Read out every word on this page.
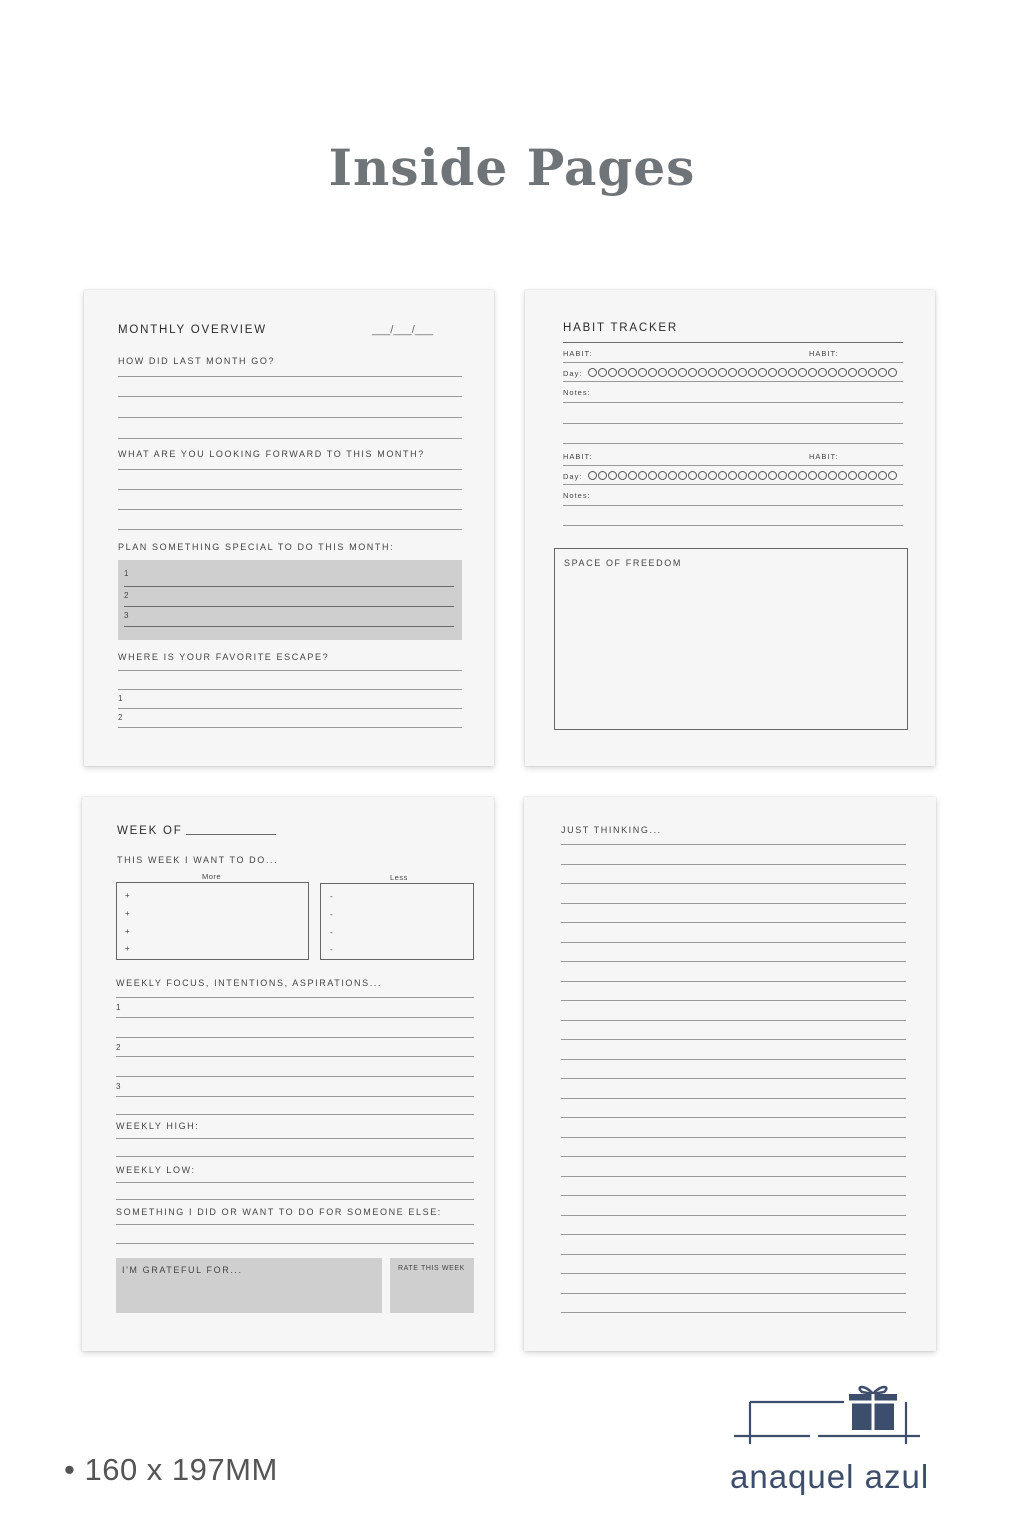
Inside Pages
MONTHLY OVERVIEW	___/___/___
HOW DID LAST MONTH GO?
WHAT ARE YOU LOOKING FORWARD TO THIS MONTH?
PLAN SOMETHING SPECIAL TO DO THIS MONTH:
1
2
3
WHERE IS YOUR FAVORITE ESCAPE?
1
2
HABIT TRACKER
HABIT:	HABIT:
Day:
Notes:
HABIT:	HABIT:
Day:
Notes:
SPACE OF FREEDOM
WEEK OF
THIS WEEK I WANT TO DO...
More	Less
+
+
+
+
-
-
-
-
WEEKLY FOCUS, INTENTIONS, ASPIRATIONS...
1
2
3
WEEKLY HIGH:
WEEKLY LOW:
SOMETHING I DID OR WANT TO DO FOR SOMEONE ELSE:
I'M GRATEFUL FOR...	RATE THIS WEEK
JUST THINKING...
• 160 x 197MM	anaquel azul
